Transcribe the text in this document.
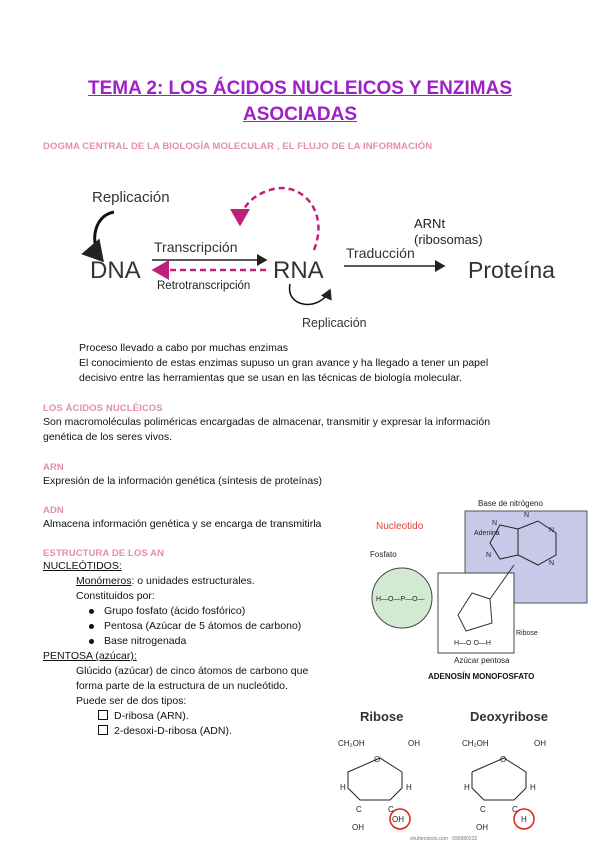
TEMA 2: LOS ÁCIDOS NUCLEICOS Y ENZIMAS
ASOCIADAS
DOGMA CENTRAL DE LA BIOLOGÍA MOLECULAR , EL FLUJO DE LA INFORMACIÓN
Replicación
DNA
Transcripción
Retrotranscripción
RNA
Replicación
ARNt
(ribosomas)
Traducción
Proteína
Proceso llevado a cabo por muchas enzimas
El conocimiento de estas enzimas supuso un gran avance y ha llegado a tener un papel
decisivo entre las herramientas que se usan en las técnicas de biología molecular.
LOS ÁCIDOS NUCLÉICOS
Son macromoléculas poliméricas encargadas de almacenar, transmitir y expresar la información
genética de los seres vivos.
ARN
Expresión de la información genética (síntesis de proteínas)
ADN
Almacena información genética y se encarga de transmitirla
ESTRUCTURA DE LOS AN
NUCLEÓTIDOS:
Monómeros: o unidades estructurales.
Constituidos por:
Grupo fosfato (ácido fosfórico)
Pentosa (Azúcar de 5 átomos de carbono)
Base nitrogenada
PENTOSA (azúcar):
Glúcido (azúcar) de cinco átomos de carbono que
forma parte de la estructura de un nucleótido.
Puede ser de dos tipos:
D-ribosa (ARN).
2-desoxi-D-ribosa (ADN).
Nucleotido
Base de nitrógeno
Adenina
N
N
N
N
N
Fosfato
H—O—P—O—
H—O O—H
Ribose
Azúcar pentosa
ADENOSÍN MONOFOSFATO
Ribose	Deoxyribose
CH₂OH	OH
O
H	H
C	C
OH
OH
CH₂OH	OH
O
H	H
C	C
OH
H
shutterstock.com · 595680232
